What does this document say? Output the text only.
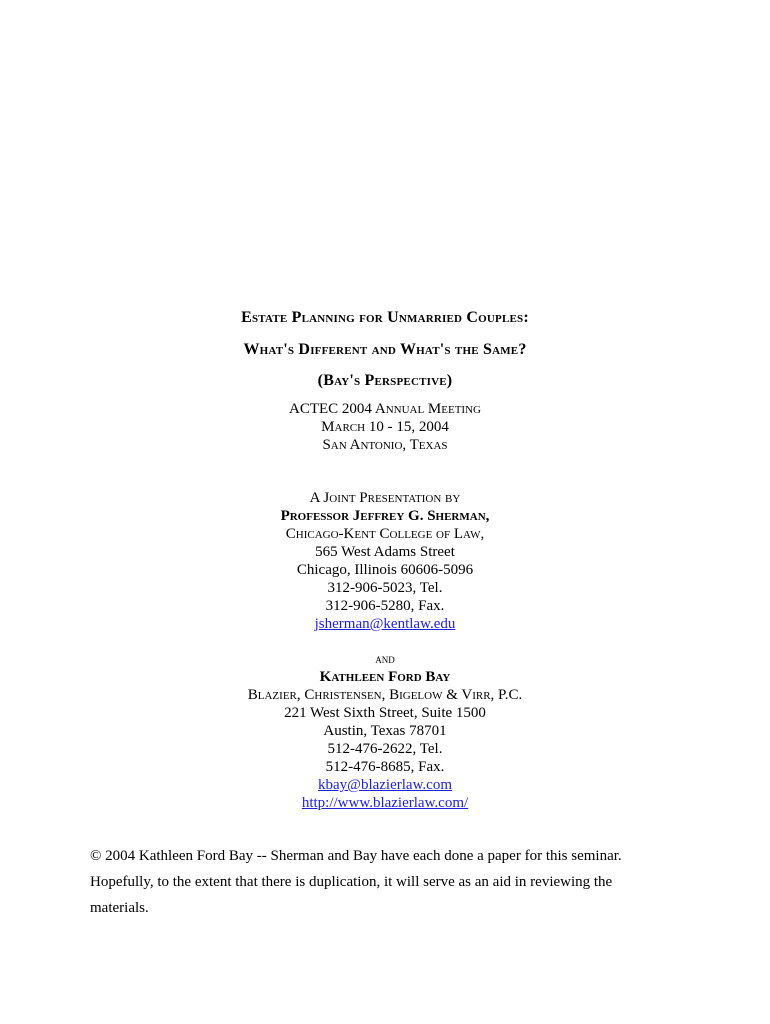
Estate Planning for Unmarried Couples:
What's Different and What's the Same?
(Bay's Perspective)
ACTEC 2004 Annual Meeting
March 10 - 15, 2004
San Antonio, Texas
A Joint Presentation by
Professor Jeffrey G. Sherman,
Chicago-Kent College of Law,
565 West Adams Street
Chicago, Illinois 60606-5096
312-906-5023, Tel.
312-906-5280, Fax.
jsherman@kentlaw.edu
and
Kathleen Ford Bay
Blazier, Christensen, Bigelow & Virr, P.C.
221 West Sixth Street, Suite 1500
Austin, Texas 78701
512-476-2622, Tel.
512-476-8685, Fax.
kbay@blazierlaw.com
http://www.blazierlaw.com/
© 2004 Kathleen Ford Bay -- Sherman and Bay have each done a paper for this seminar.
Hopefully, to the extent that there is duplication, it will serve as an aid in reviewing the
materials.
